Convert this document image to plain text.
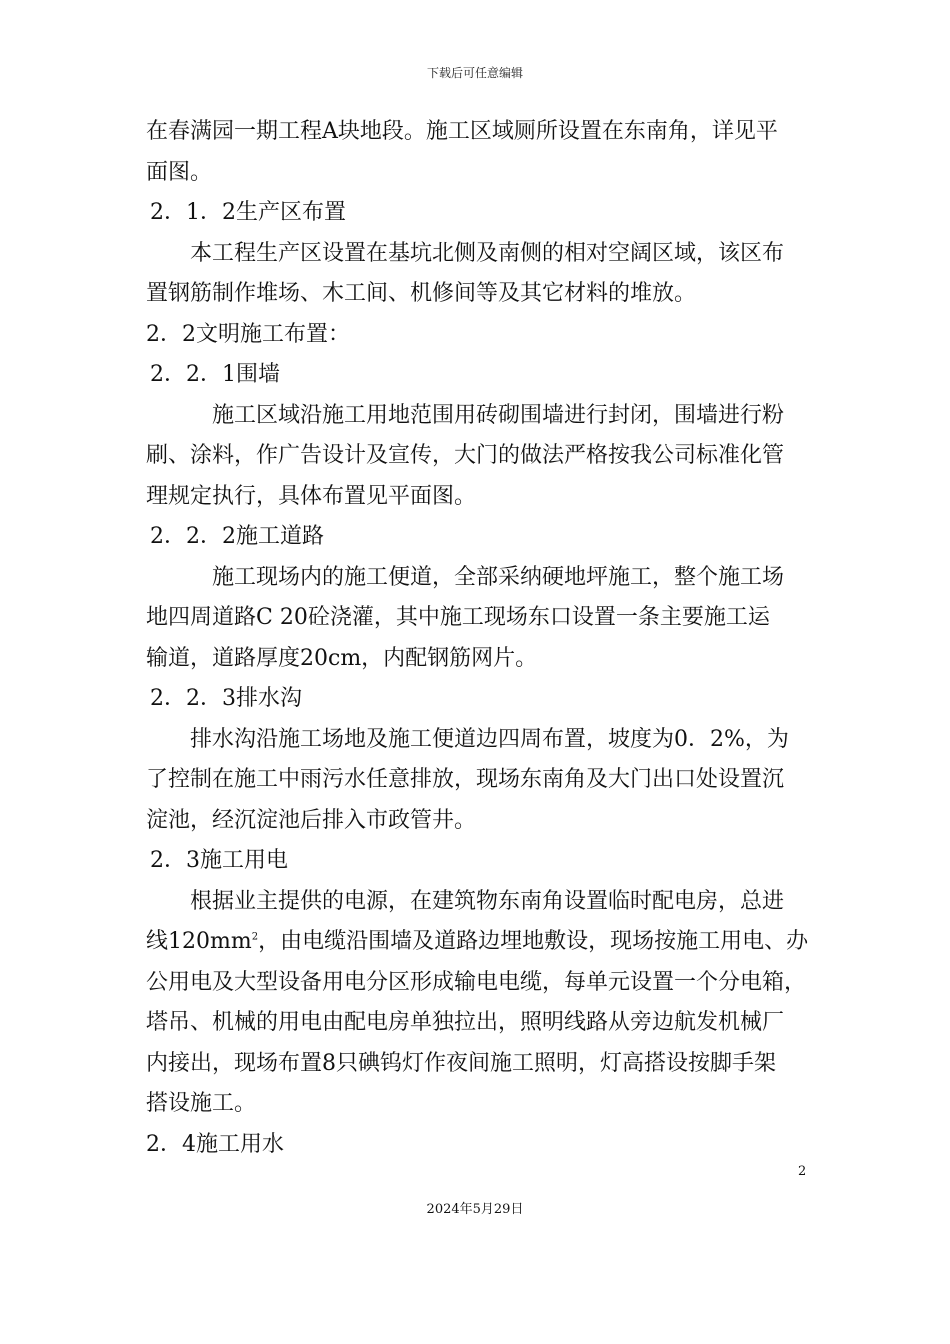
下载后可任意编辑
在春满园一期工程A块地段。施工区域厕所设置在东南角，详见平
面图。
2．1．2生产区布置
本工程生产区设置在基坑北侧及南侧的相对空阔区域，该区布
置钢筋制作堆场、木工间、机修间等及其它材料的堆放。
2．2文明施工布置：
2．2．1围墙
施工区域沿施工用地范围用砖砌围墙进行封闭，围墙进行粉
刷、涂料，作广告设计及宣传，大门的做法严格按我公司标准化管
理规定执行，具体布置见平面图。
2．2．2施工道路
施工现场内的施工便道，全部采纳硬地坪施工，整个施工场
地四周道路C 20砼浇灌，其中施工现场东口设置一条主要施工运
输道，道路厚度20cm，内配钢筋网片。
2．2．3排水沟
排水沟沿施工场地及施工便道边四周布置，坡度为0．2%，为
了控制在施工中雨污水任意排放，现场东南角及大门出口处设置沉
淀池，经沉淀池后排入市政管井。
2．3施工用电
根据业主提供的电源，在建筑物东南角设置临时配电房，总进
线$120mm^2$，由电缆沿围墙及道路边埋地敷设，现场按施工用电、办
公用电及大型设备用电分区形成输电电缆，每单元设置一个分电箱，
塔吊、机械的用电由配电房单独拉出，照明线路从旁边航发机械厂
内接出，现场布置8只碘钨灯作夜间施工照明，灯高搭设按脚手架
搭设施工。
2．4施工用水
2
2024年5月29日
